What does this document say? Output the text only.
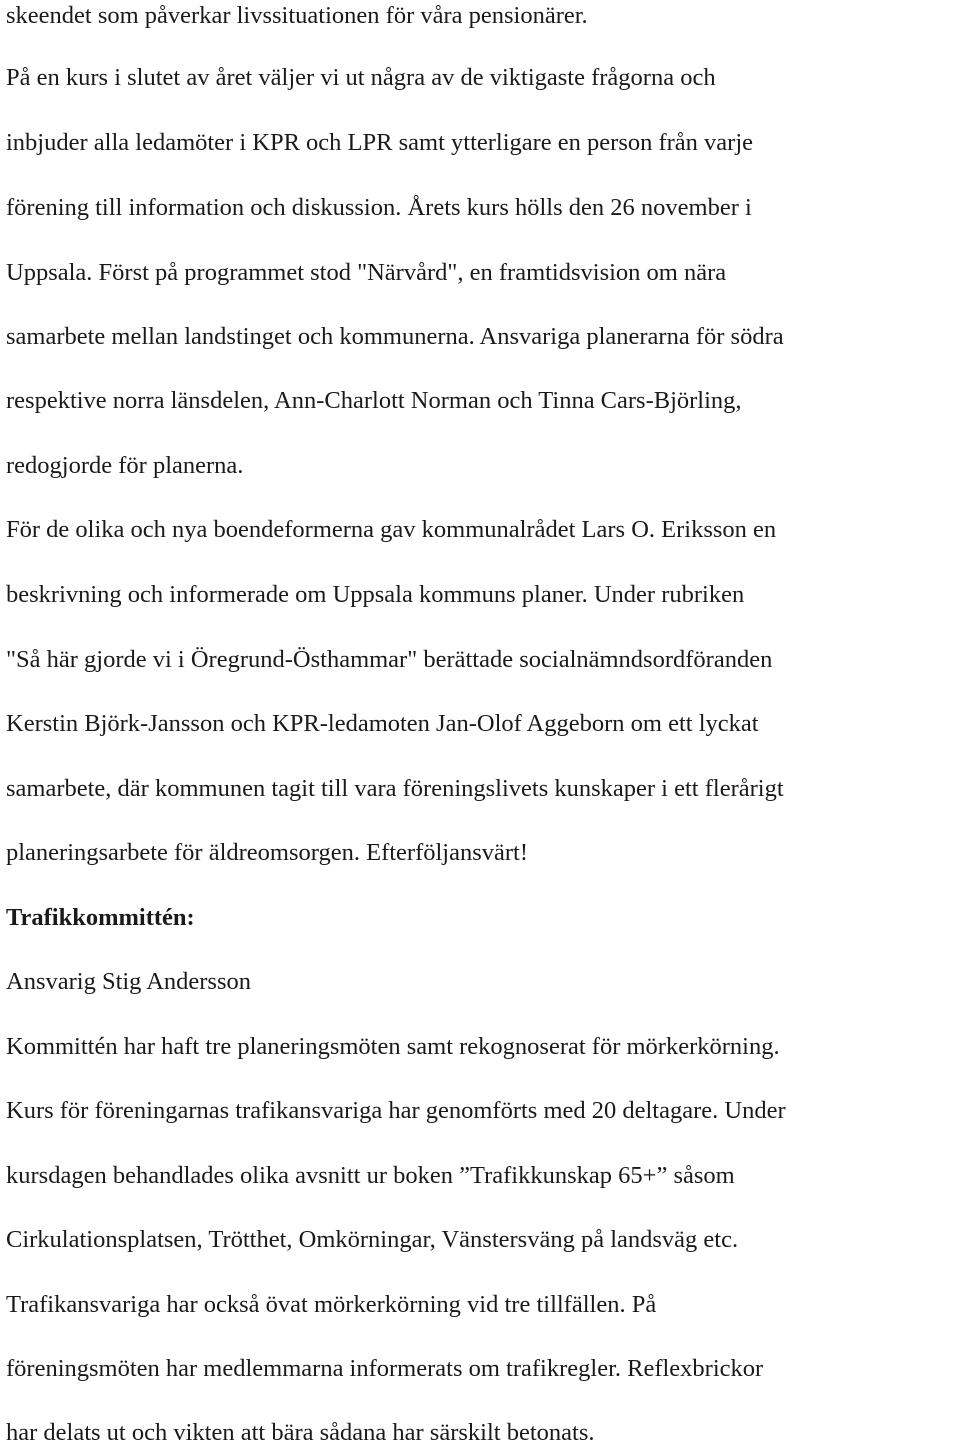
skeendet som påverkar livssituationen för våra pensionärer.
På en kurs i slutet av året väljer vi ut några av de viktigaste frågorna och
inbjuder alla ledamöter i KPR och LPR samt ytterligare en person från varje
förening till information och diskussion. Årets kurs hölls den 26 november i
Uppsala. Först på programmet stod "Närvård", en framtidsvision om nära
samarbete mellan landstinget och kommunerna. Ansvariga planerarna för södra
respektive norra länsdelen, Ann-Charlott Norman och Tinna Cars-Björling,
redogjorde för planerna.
För de olika och nya boendeformerna gav kommunalrådet Lars O. Eriksson en
beskrivning och informerade om Uppsala kommuns planer. Under rubriken
"Så här gjorde vi i Öregrund-Östhammar" berättade socialnämndsordföranden
Kerstin Björk-Jansson och KPR-ledamoten Jan-Olof Aggeborn om ett lyckat
samarbete, där kommunen tagit till vara föreningslivets kunskaper i ett flerårigt
planeringsarbete för äldreomsorgen. Efterföljansvärt!
Trafikkommittén:
Ansvarig Stig Andersson
Kommittén har haft tre planeringsmöten samt rekognoserat för mörkerkörning.
Kurs för föreningarnas trafikansvariga har genomförts med 20 deltagare. Under
kursdagen behandlades olika avsnitt ur boken ”Trafikkunskap 65+” såsom
Cirkulationsplatsen, Trötthet, Omkörningar, Vänstersväng på landsväg etc.
Trafikansvariga har också övat mörkerkörning vid tre tillfällen. På
föreningsmöten har medlemmarna informerats om trafikregler. Reflexbrickor
har delats ut och vikten att bära sådana har särskilt betonats.
